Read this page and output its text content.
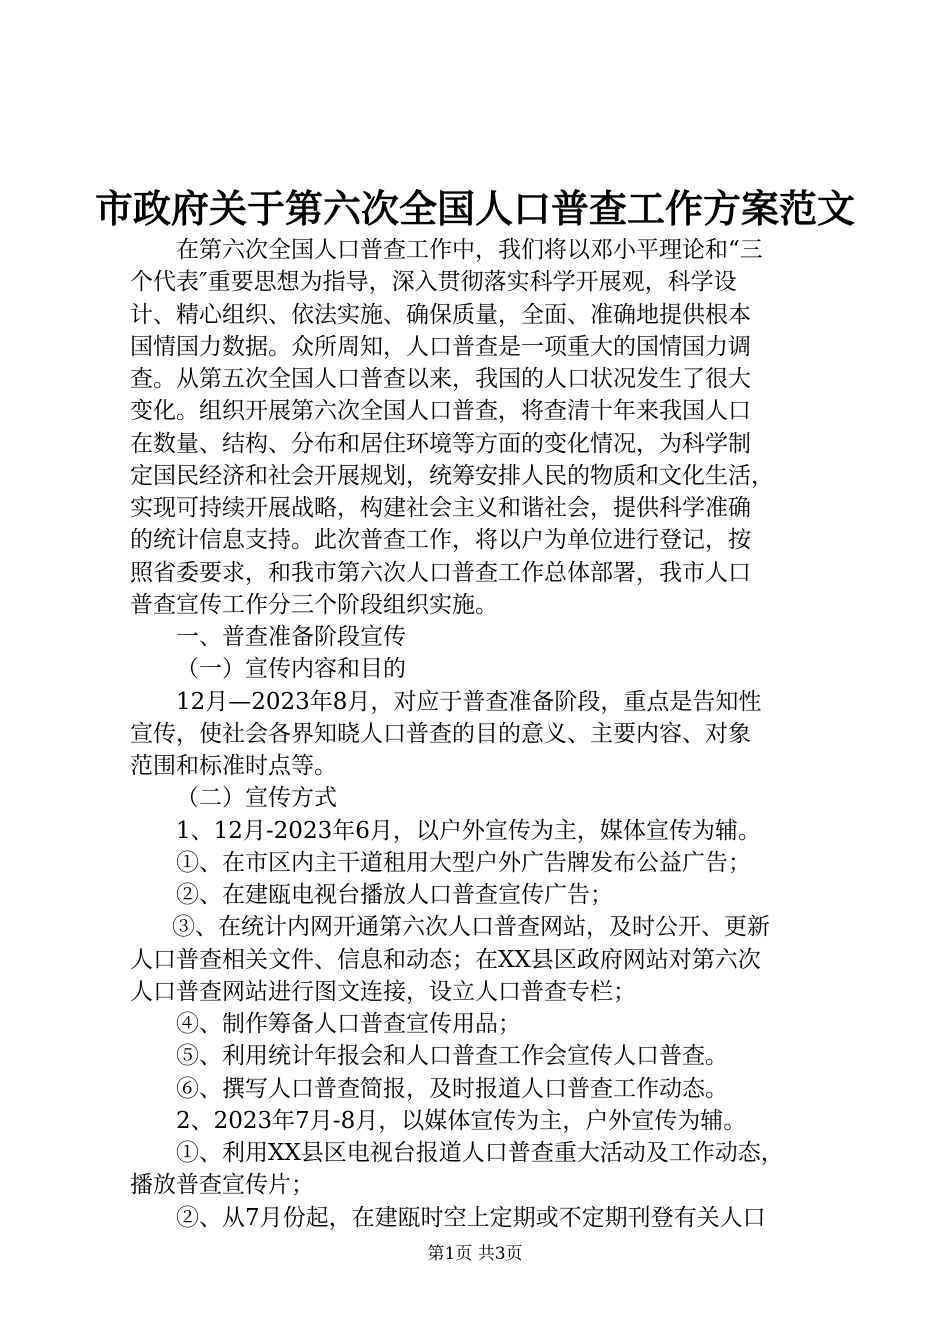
市政府关于第六次全国人口普查工作方案范文
在第六次全国人口普查工作中，我们将以邓小平理论和“三
个代表″重要思想为指导，深入贯彻落实科学开展观，科学设
计、精心组织、依法实施、确保质量，全面、准确地提供根本
国情国力数据。众所周知，人口普查是一项重大的国情国力调
查。从第五次全国人口普查以来，我国的人口状况发生了很大
变化。组织开展第六次全国人口普查，将查清十年来我国人口
在数量、结构、分布和居住环境等方面的变化情况，为科学制
定国民经济和社会开展规划，统筹安排人民的物质和文化生活，
实现可持续开展战略，构建社会主义和谐社会，提供科学准确
的统计信息支持。此次普查工作，将以户为单位进行登记，按
照省委要求，和我市第六次人口普查工作总体部署，我市人口
普查宣传工作分三个阶段组织实施。
一、普查准备阶段宣传
（一）宣传内容和目的
12月—2023年8月，对应于普查准备阶段，重点是告知性
宣传，使社会各界知晓人口普查的目的意义、主要内容、对象
范围和标准时点等。
（二）宣传方式
1、12月-2023年6月，以户外宣传为主，媒体宣传为辅。
①、在市区内主干道租用大型户外广告牌发布公益广告；
②、在建瓯电视台播放人口普查宣传广告；
③、在统计内网开通第六次人口普查网站，及时公开、更新
人口普查相关文件、信息和动态；在XX县区政府网站对第六次
人口普查网站进行图文连接，设立人口普查专栏；
④、制作筹备人口普查宣传用品；
⑤、利用统计年报会和人口普查工作会宣传人口普查。
⑥、撰写人口普查简报，及时报道人口普查工作动态。
2、2023年7月-8月，以媒体宣传为主，户外宣传为辅。
①、利用XX县区电视台报道人口普查重大活动及工作动态，
播放普查宣传片；
②、从7月份起，在建瓯时空上定期或不定期刊登有关人口
第1页 共3页
